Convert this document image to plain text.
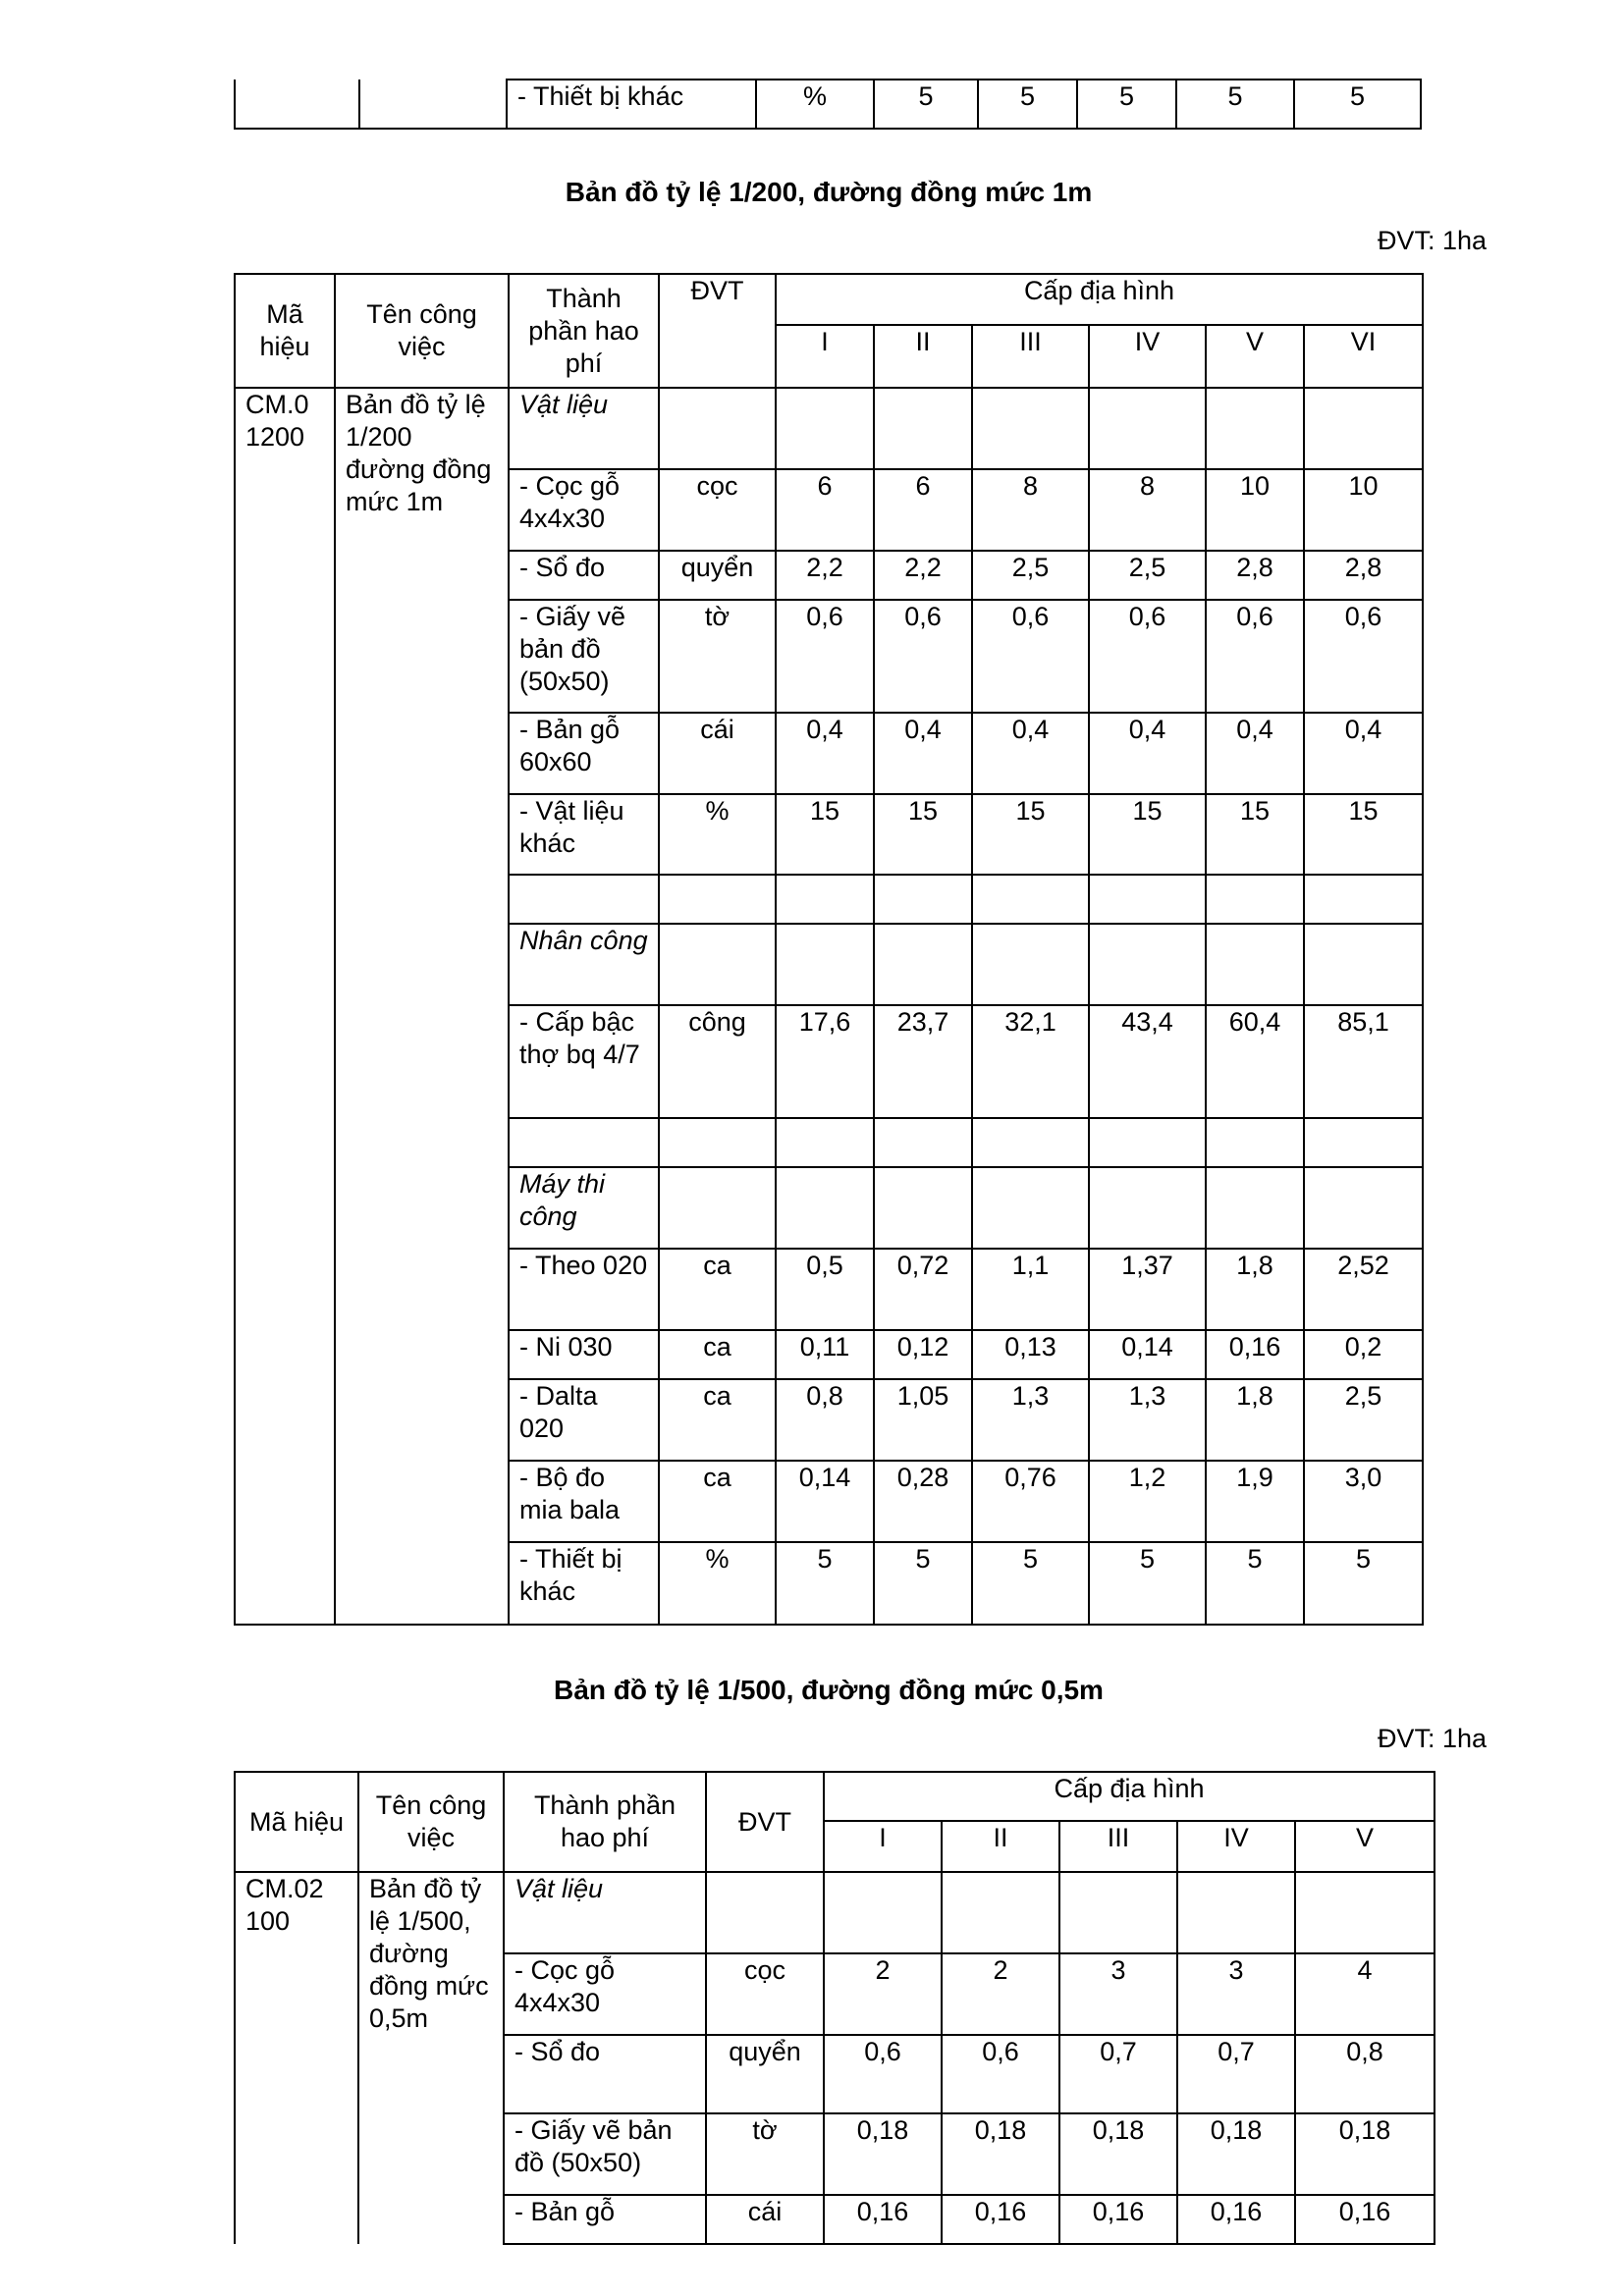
		- Thiết bị khác	%	5	5	5	5	5
Bản đồ tỷ lệ 1/200, đường đồng mức 1m
ĐVT: 1ha
Mã hiệu	Tên công việc	Thành phần hao phí	ĐVT	Cấp địa hình					
				I	II	III	IV	V	VI
CM.0 1200	Bản đồ tỷ lệ 1/200 đường đồng mức 1m	Vật liệu							
		- Cọc gỗ 4x4x30	cọc	6	6	8	8	10	10
		- Sổ đo	quyển	2,2	2,2	2,5	2,5	2,8	2,8
		- Giấy vẽ bản đồ (50x50)	tờ	0,6	0,6	0,6	0,6	0,6	0,6
		- Bản gỗ 60x60	cái	0,4	0,4	0,4	0,4	0,4	0,4
		- Vật liệu khác	%	15	15	15	15	15	15

		Nhân công							
		- Cấp bậc thợ bq 4/7	công	17,6	23,7	32,1	43,4	60,4	85,1

		Máy thi công							
		- Theo 020	ca	0,5	0,72	1,1	1,37	1,8	2,52
		- Ni 030	ca	0,11	0,12	0,13	0,14	0,16	0,2
		- Dalta 020	ca	0,8	1,05	1,3	1,3	1,8	2,5
		- Bộ đo mia bala	ca	0,14	0,28	0,76	1,2	1,9	3,0
		- Thiết bị khác	%	5	5	5	5	5	5
Bản đồ tỷ lệ 1/500, đường đồng mức 0,5m
ĐVT: 1ha
Mã hiệu	Tên công việc	Thành phần hao phí	ĐVT	Cấp địa hình				
				I	II	III	IV	V
CM.02 100	Bản đồ tỷ lệ 1/500, đường đồng mức 0,5m	Vật liệu						
		- Cọc gỗ 4x4x30	cọc	2	2	3	3	4
		- Sổ đo	quyển	0,6	0,6	0,7	0,7	0,8
		- Giấy vẽ bản đồ (50x50)	tờ	0,18	0,18	0,18	0,18	0,18
		- Bản gỗ	cái	0,16	0,16	0,16	0,16	0,16
